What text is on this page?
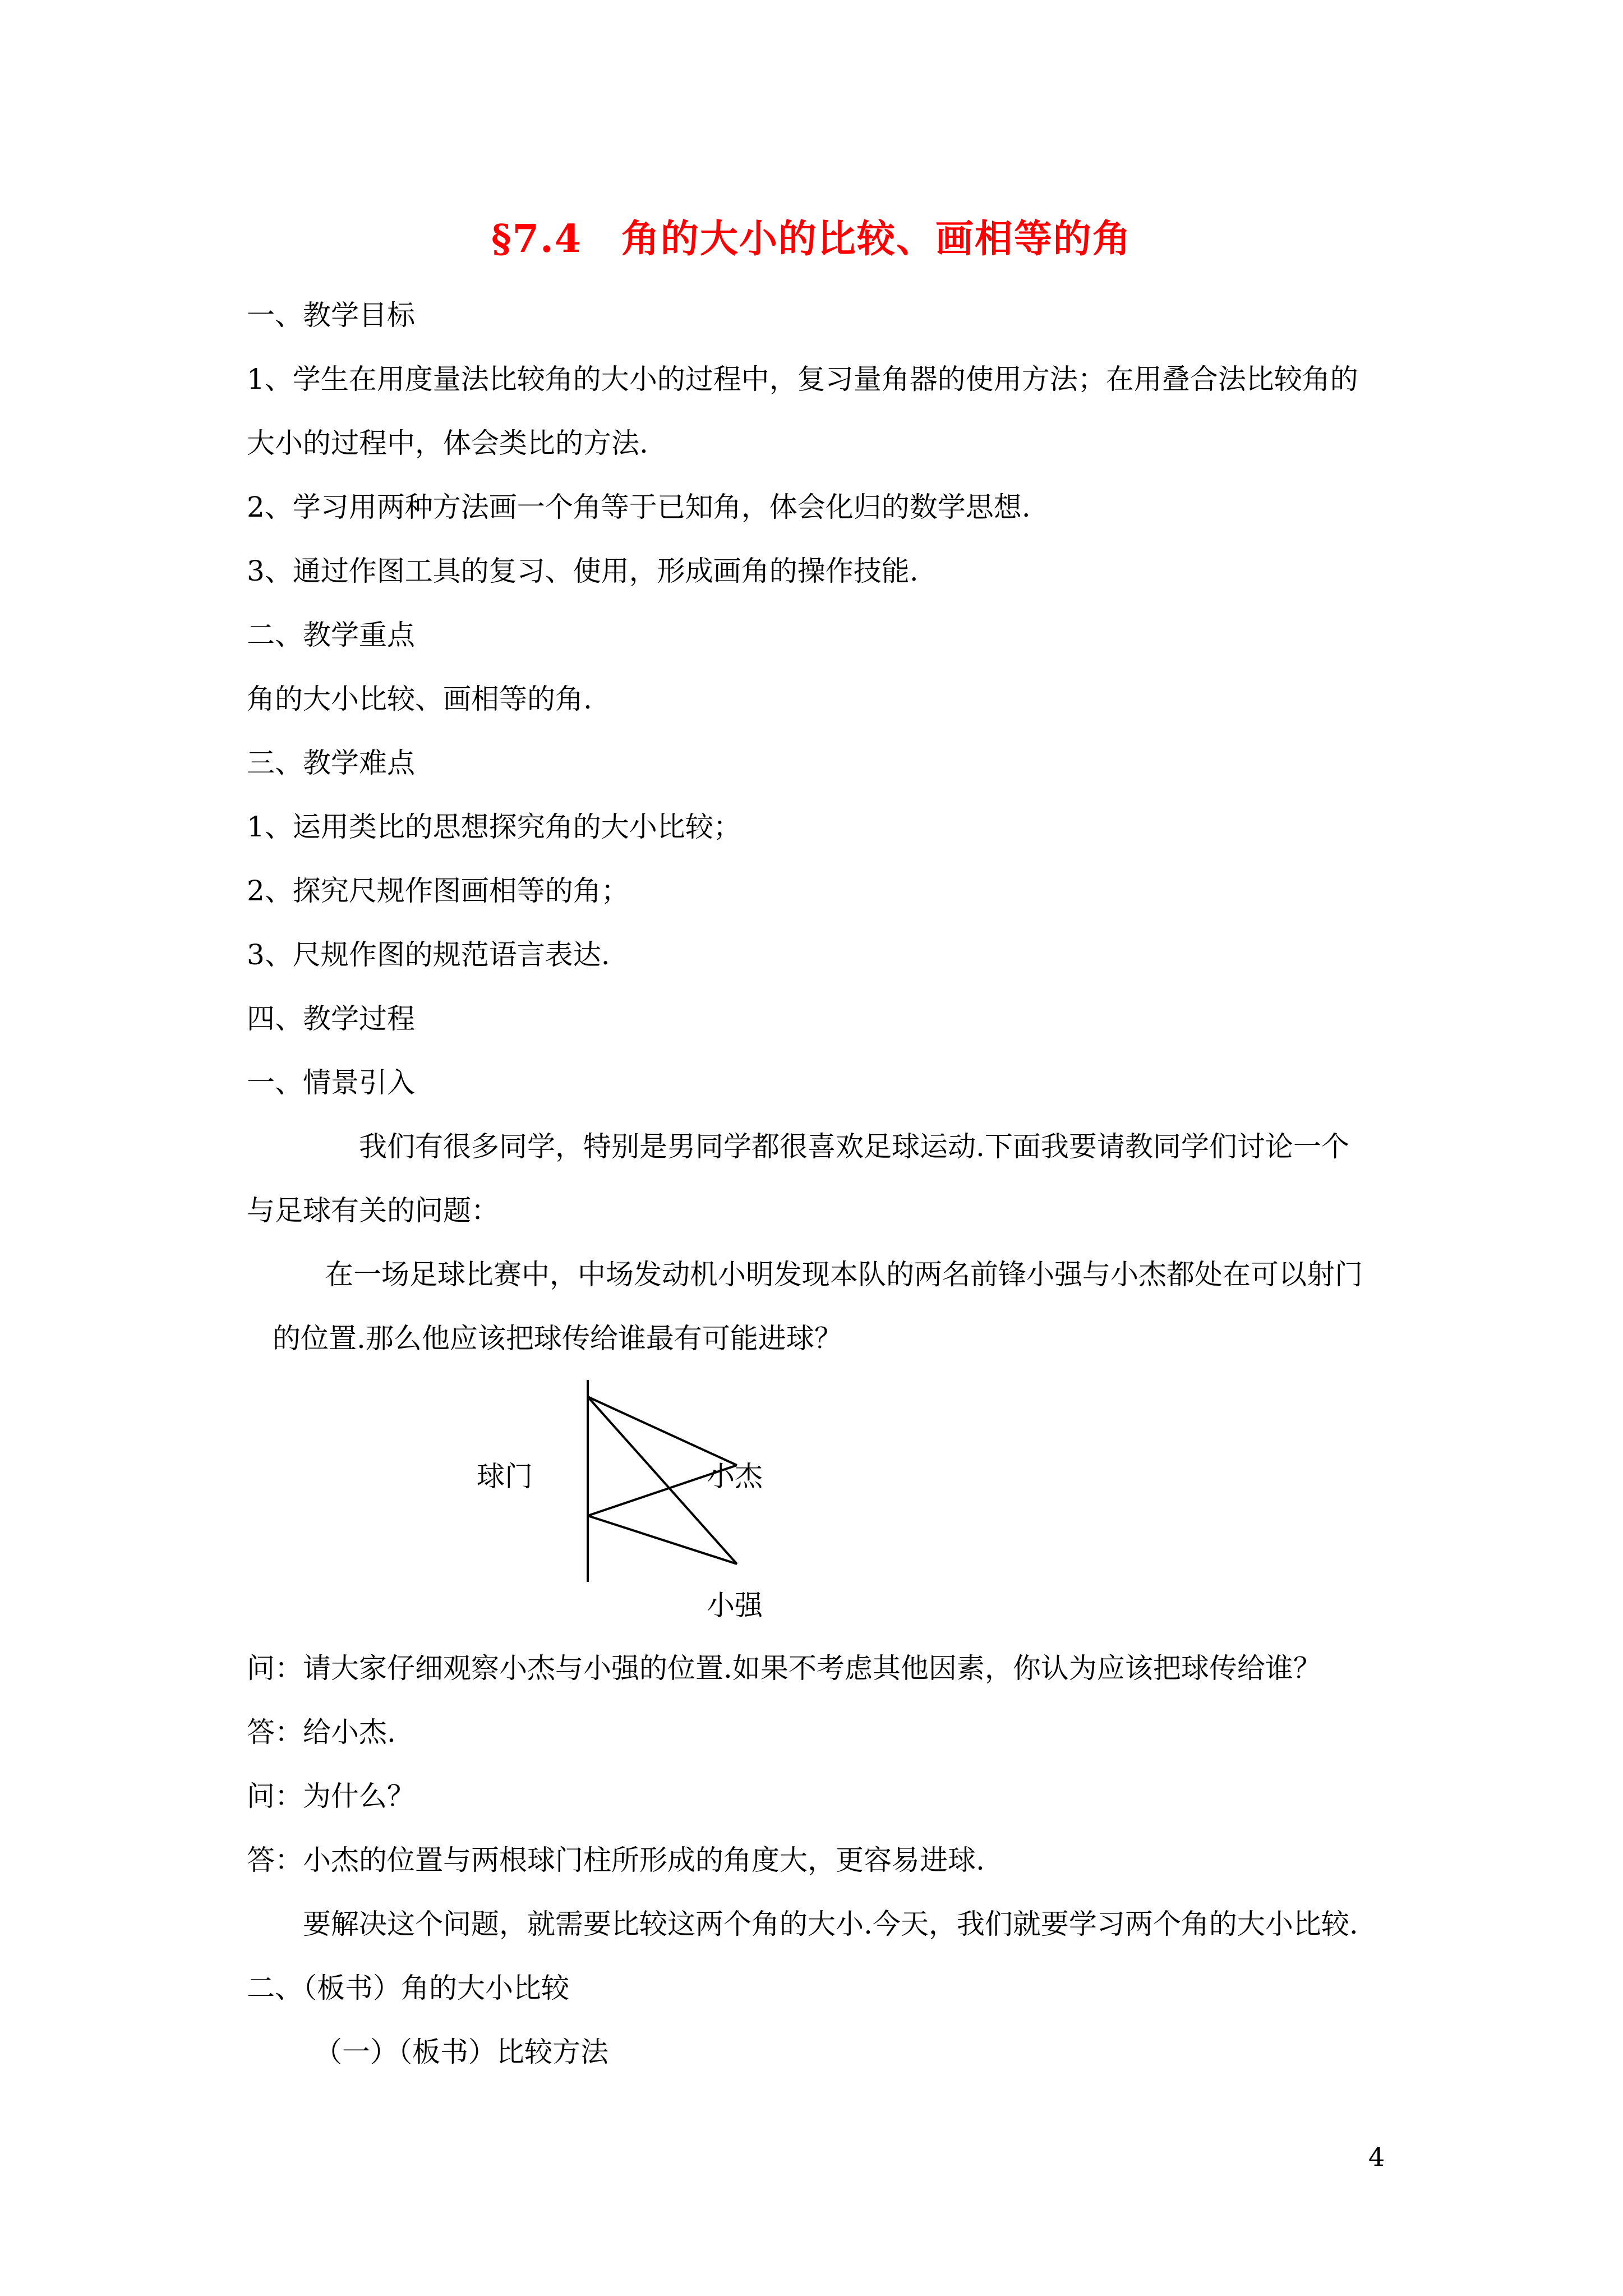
§7.4　角的大小的比较、画相等的角
一、教学目标
1、学生在用度量法比较角的大小的过程中，复习量角器的使用方法；在用叠合法比较角的
大小的过程中，体会类比的方法.
2、学习用两种方法画一个角等于已知角，体会化归的数学思想.
3、通过作图工具的复习、使用，形成画角的操作技能.
二、教学重点
角的大小比较、画相等的角.
三、教学难点
1、运用类比的思想探究角的大小比较；
2、探究尺规作图画相等的角；
3、尺规作图的规范语言表达.
四、教学过程
一、情景引入
我们有很多同学，特别是男同学都很喜欢足球运动.下面我要请教同学们讨论一个
与足球有关的问题：
在一场足球比赛中，中场发动机小明发现本队的两名前锋小强与小杰都处在可以射门
的位置.那么他应该把球传给谁最有可能进球？
球门	小杰
小强
问：请大家仔细观察小杰与小强的位置.如果不考虑其他因素，你认为应该把球传给谁？
答：给小杰.
问：为什么？
答：小杰的位置与两根球门柱所形成的角度大，更容易进球.
要解决这个问题，就需要比较这两个角的大小.今天，我们就要学习两个角的大小比较.
二、（板书）角的大小比较
（一）（板书）比较方法
4
